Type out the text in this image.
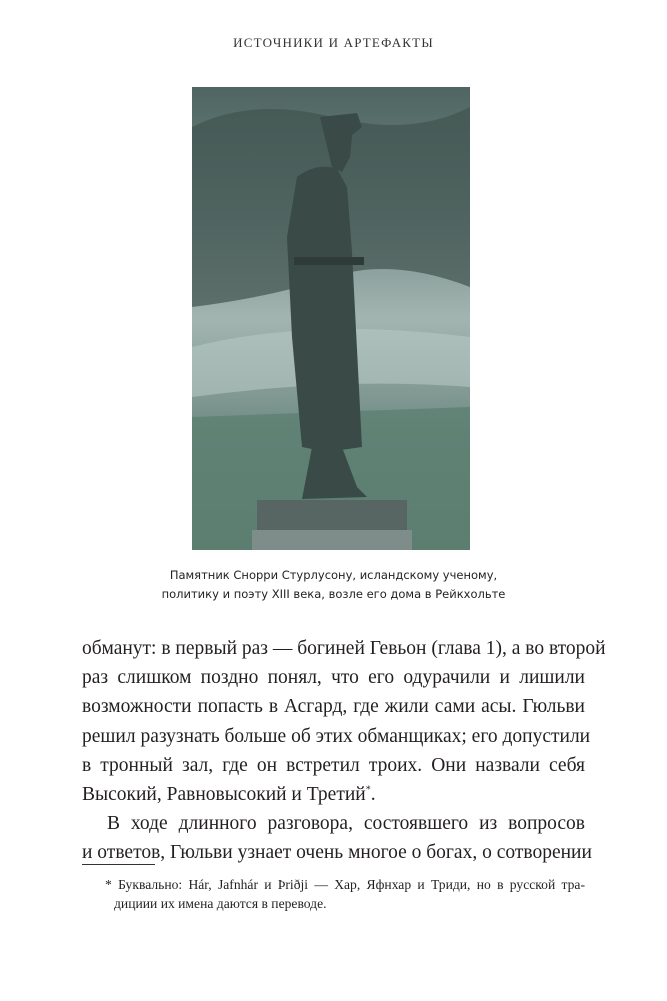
ИСТОЧНИКИ И АРТЕФАКТЫ
Памятник Снорри Стурлусону, исландскому ученому,
политику и поэту XIII века, возле его дома в Рейкхольте
обманут: в первый раз — богиней Гевьон (глава 1), а во второй
раз слишком поздно понял, что его одурачили и лишили
возможности попасть в Асгард, где жили сами асы. Гюльви
решил разузнать больше об этих обманщиках; его допустили
в тронный зал, где он встретил троих. Они назвали себя
Высокий, Равновысокий и Третий*.
В ходе длинного разговора, состоявшего из вопросов
и ответов, Гюльви узнает очень многое о богах, о сотворении
* Буквально: Hár, Jafnhár и Þriðji — Хар, Яфнхар и Триди, но в русской тра-
дициии их имена даются в переводе.
